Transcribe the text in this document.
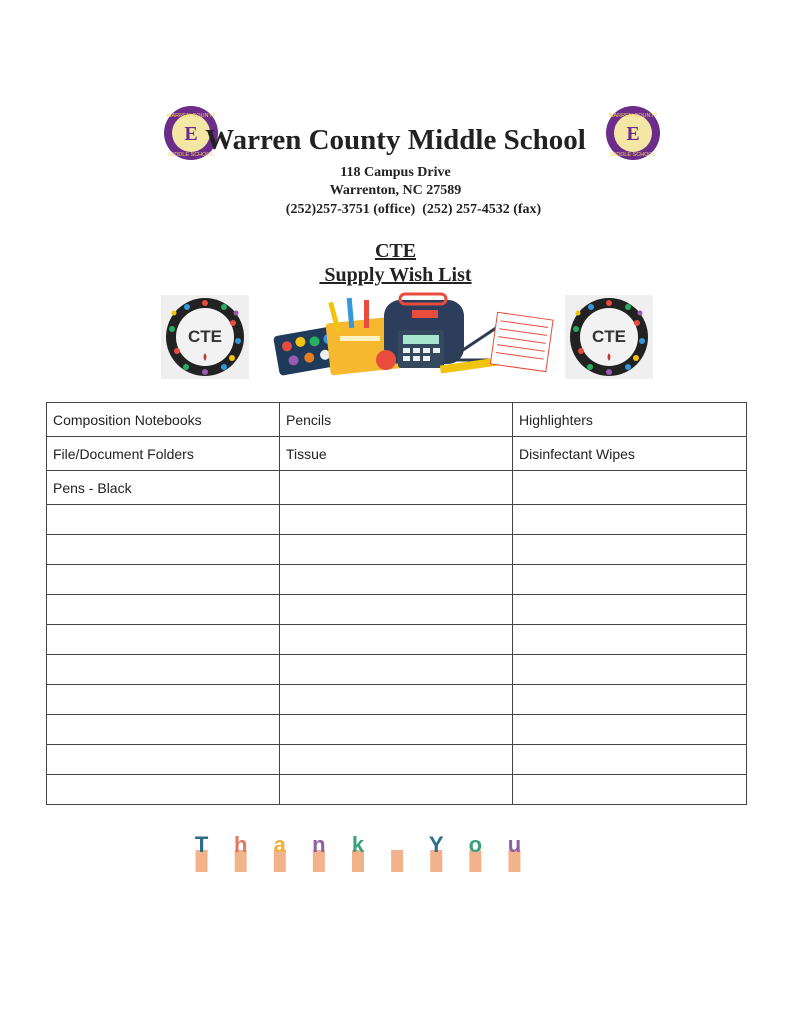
WARREN COUNTY
MIDDLE SCHOOL
E
WARREN COUNTY
MIDDLE SCHOOL
E
Warren County Middle School
118 Campus Drive
Warrenton, NC 27589
(252)257-3751 (office)  (252) 257-4532 (fax)
CTE
Supply Wish List
CTE	CTE
Composition Notebooks	Pencils	Highlighters
File/Document Folders	Tissue	Disinfectant Wipes
Pens - Black		

T h a n k	Y o u
